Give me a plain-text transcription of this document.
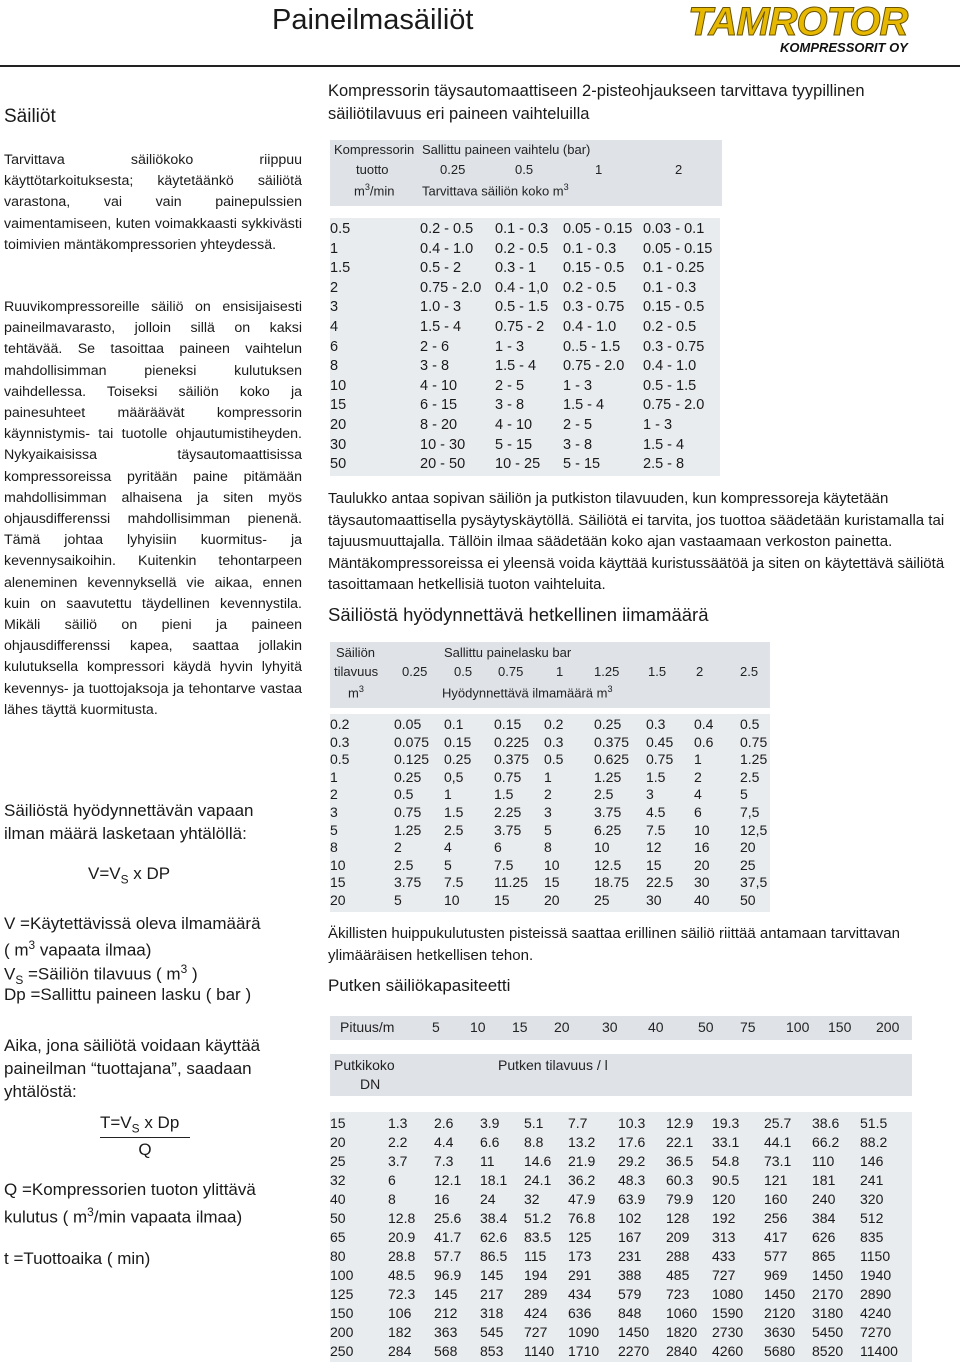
Paineilmasäiliöt	TAMROTOR
KOMPRESSORIT OY
Säiliöt

Tarvittava säiliökoko riippuu käyttötarkoituksesta; käytetäänkö säiliötä varastona, vai vain painepulssien vaimentamiseen, kuten voimakkaasti sykkivästi toimivien mäntäkompressorien yhteydessä.

Ruuvikompressoreille säiliö on ensisijaisesti paineilmavarasto, jolloin sillä on kaksi tehtävää. Se tasoittaa paineen vaihtelun mahdollisimman pieneksi kulutuksen vaihdellessa. Toiseksi säiliön koko ja painesuhteet määräävät kompressorin käynnistymis- tai tuotolle ohjautumistiheyden. Nykyaikaisissa täysautomaattisissa kompressoreissa pyritään paine pitämään mahdollisimman alhaisena ja siten myös ohjausdifferenssi mahdollisimman pienenä. Tämä johtaa lyhyisiin kuormitus- ja kevennysaikoihin. Kuitenkin tehontarpeen aleneminen kevennyksellä vie aikaa, ennen kuin on saavutettu täydellinen kevennystila. Mikäli säiliö on pieni ja paineen ohjausdifferenssi kapea, saattaa jollakin kulutuksella kompressori käydä hyvin lyhyitä kevennys- ja tuottojaksoja ja tehontarve vastaa lähes täyttä kuormitusta.

Säiliöstä hyödynnettävän vapaan ilman määrä lasketaan yhtälöllä:

$V=V_S$ x DP
V =Käytettävissä oleva ilmamäärä
( $m^3$ vapaata ilmaa)
$V_S$ =Säiliön tilavuus ( $m^3$ )
Dp =Sallittu paineen lasku ( bar )

Aika, jona säiliötä voidaan käyttää paineilman “tuottajana”, saadaan yhtälöstä:

$\frac{T=V_S x Dp}{Q}$
Q =Kompressorien tuoton ylittävä kulutus ( $m^3/\min$ vapaata ilmaa)
t =Tuottoaika ( min)

Kompressorin täysautomaattiseen 2-pisteohjaukseen tarvittava tyypillinen säiliötilavuus eri paineen vaihteluilla

Kompressorin Sallittu paineen vaihtelu (bar)
tuotto	0.25	0.5	1	2
$m^3/\min$ Tarvittava säiliön koko $m^3$
0.5	0.2 - 0.5	0.1 - 0.3	0.05 - 0.15	0.03 - 0.1
1	0.4 - 1.0	0.2 - 0.5	0.1 - 0.3	0.05 - 0.15
1.5	0.5 - 2	0.3 - 1	0.15 - 0.5	0.1 - 0.25
2	0.75 - 2.0	0.4 - 1,0	0.2 - 0.5	0.1 - 0.3
3	1.0 - 3	0.5 - 1.5	0.3 - 0.75	0.15 - 0.5
4	1.5 - 4	0.75 - 2	0.4 - 1.0	0.2 - 0.5
6	2 - 6	1 - 3	0..5 - 1.5	0.3 - 0.75
8	3 - 8	1.5 - 4	0.75 - 2.0	0.4 - 1.0
10	4 - 10	2 - 5	1 - 3	0.5 - 1.5
15	6 - 15	3 - 8	1.5 - 4	0.75 - 2.0
20	8 - 20	4 - 10	2 - 5	1 - 3
30	10 - 30	5 - 15	3 - 8	1.5 - 4
50	20 - 50	10 - 25	5 - 15	2.5 - 8

Taulukko antaa sopivan säiliön ja putkiston tilavuuden, kun kompressoreja käytetään täysautomaattisella pysäytyskäytöllä. Säiliötä ei tarvita, jos tuottoa säädetään kuristamalla tai tajuusmuuttajalla. Tällöin ilmaa säädetään koko ajan vastaamaan verkoston painetta. Mäntäkompressoreissa ei yleensä voida käyttää kuristussäätöä ja siten on käytettävä säiliötä tasoittamaan hetkellisiä tuoton vaihteluita.

Säiliöstä hyödynnettävä hetkellinen iimamäärä

Säiliön	Sallittu painelasku bar
tilavuus 0.25 0.5 0.75	1 1.25 1.5 2	2.5
$m^3$	Hyödynnettävä ilmamäärä $m^3$
0.2	0.05	0.1	0.15	0.2	0.25	0.3	0.4	0.5
0.3	0.075	0.15	0.225	0.3	0.375	0.45	0.6	0.75
0.5	0.125	0.25	0.375	0.5	0.625	0.75	1	1.25
1	0.25	0,5	0.75	1	1.25	1.5	2	2.5
2	0.5	1	1.5	2	2.5	3	4	5
3	0.75	1.5	2.25	3	3.75	4.5	6	7,5
5	1.25	2.5	3.75	5	6.25	7.5	10	12,5
8	2	4	6	8	10	12	16	20
10	2.5	5	7.5	10	12.5	15	20	25
15	3.75	7.5	11.25	15	18.75	22.5	30	37,5
20	5	10	15	20	25	30	40	50

Äkillisten huippukulutusten pisteissä saattaa erillinen säiliö riittää antamaan tarvittavan ylimääräisen hetkellisen tehon.

Putken säiliökapasiteetti

Pituus/m	5 10 15 20 30 40 50 75 100 150 200
Putkikoko	Putken tilavuus / l
DN
15	1.3	2.6	3.9	5.1	7.7	10.3	12.9	19.3	25.7	38.6	51.5
20	2.2	4.4	6.6	8.8	13.2	17.6	22.1	33.1	44.1	66.2	88.2
25	3.7	7.3	11	14.6	21.9	29.2	36.5	54.8	73.1	110	146
32	6	12.1	18.1	24.1	36.2	48.3	60.3	90.5	121	181	241
40	8	16	24	32	47.9	63.9	79.9	120	160	240	320
50	12.8	25.6	38.4	51.2	76.8	102	128	192	256	384	512
65	20.9	41.7	62.6	83.5	125	167	209	313	417	626	835
80	28.8	57.7	86.5	115	173	231	288	433	577	865	1150
100	48.5	96.9	145	194	291	388	485	727	969	1450	1940
125	72.3	145	217	289	434	579	723	1080	1450	2170	2890
150	106	212	318	424	636	848	1060	1590	2120	3180	4240
200	182	363	545	727	1090	1450	1820	2730	3630	5450	7270
250	284	568	853	1140	1710	2270	2840	4260	5680	8520	11400
